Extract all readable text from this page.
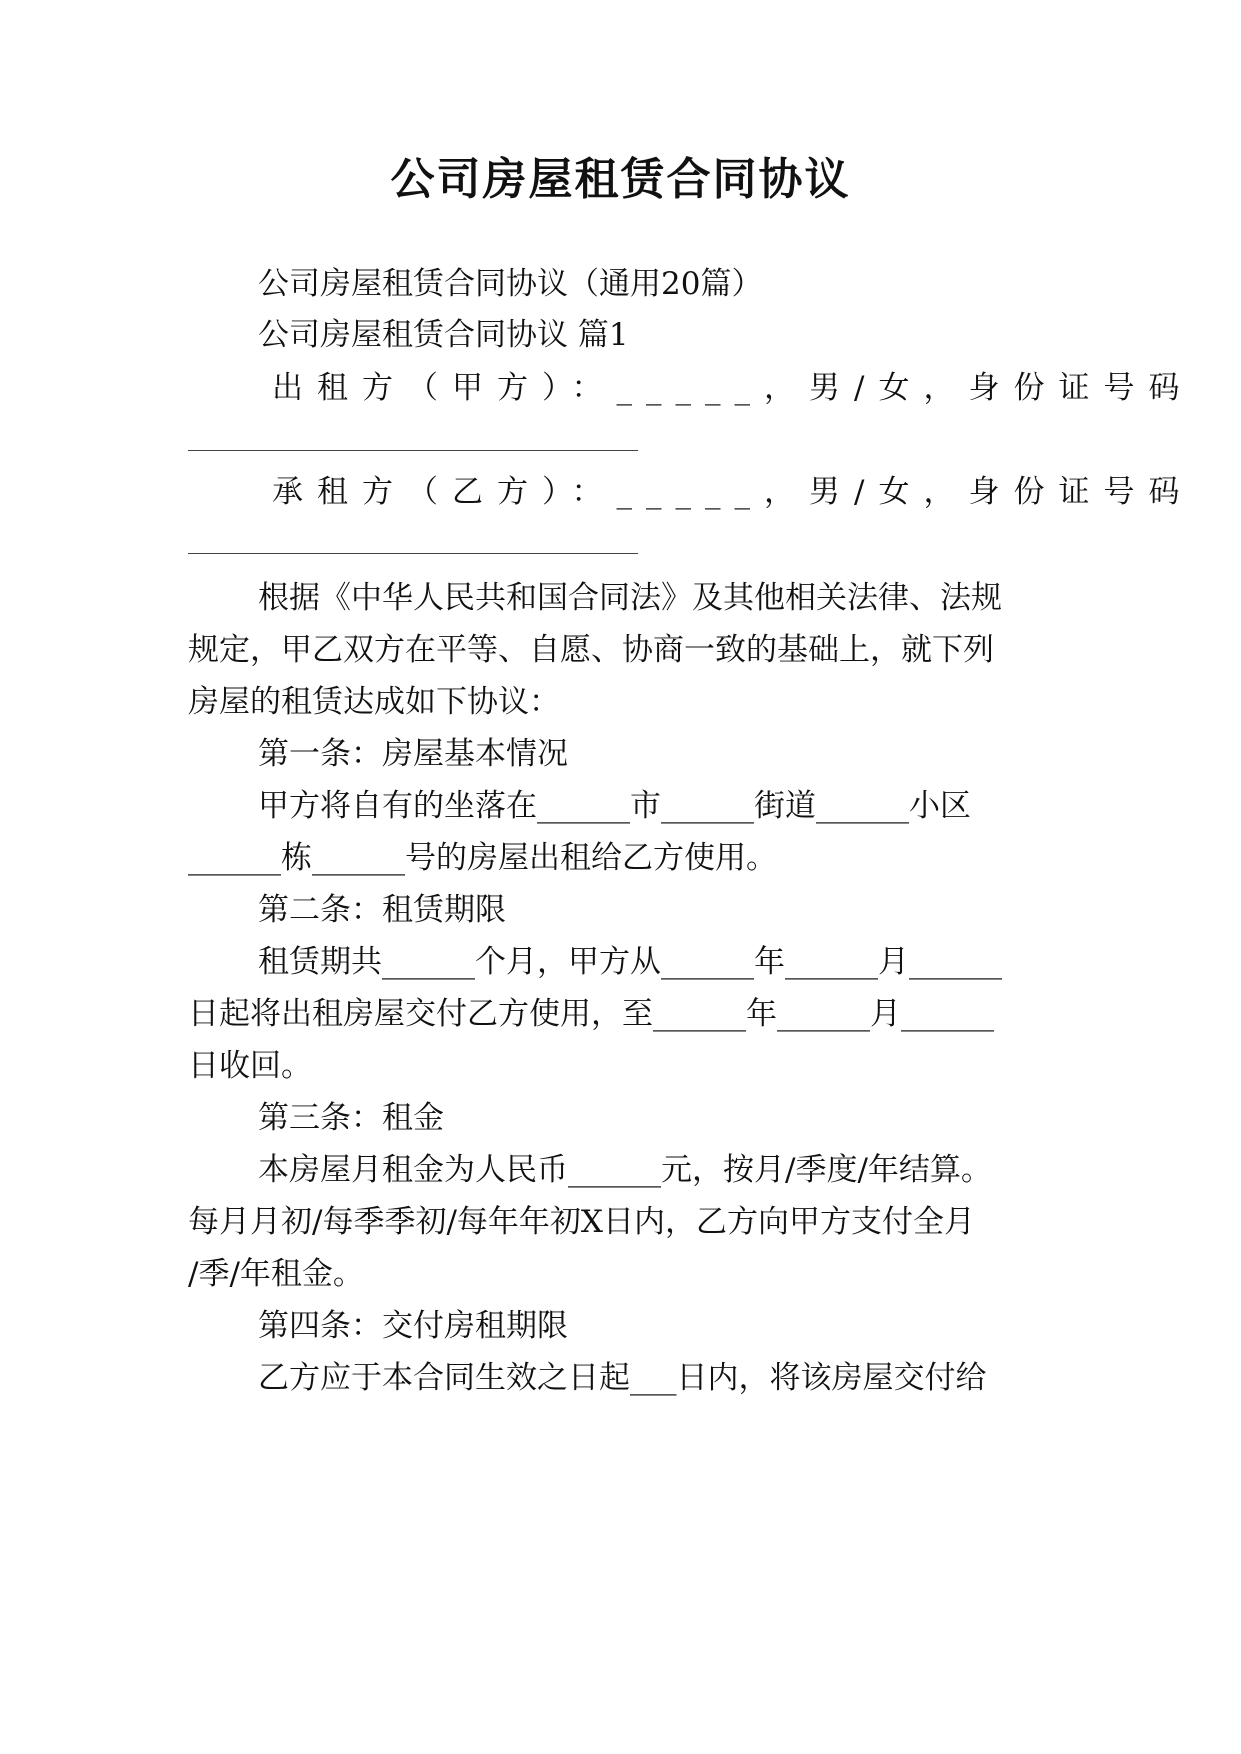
公司房屋租赁合同协议
公司房屋租赁合同协议（通用20篇）
公司房屋租赁合同协议 篇1
出租方（甲方）：_____，男/女，身份证号码
承租方（乙方）：_____，男/女，身份证号码
根据《中华人民共和国合同法》及其他相关法律、法规
规定，甲乙双方在平等、自愿、协商一致的基础上，就下列
房屋的租赁达成如下协议：
第一条：房屋基本情况
甲方将自有的坐落在______市______街道______小区
______栋______号的房屋出租给乙方使用。
第二条：租赁期限
租赁期共______个月，甲方从______年______月______
日起将出租房屋交付乙方使用，至______年______月______
日收回。
第三条：租金
本房屋月租金为人民币______元，按月/季度/年结算。
每月月初/每季季初/每年年初X日内，乙方向甲方支付全月
/季/年租金。
第四条：交付房租期限
乙方应于本合同生效之日起___日内，将该房屋交付给
